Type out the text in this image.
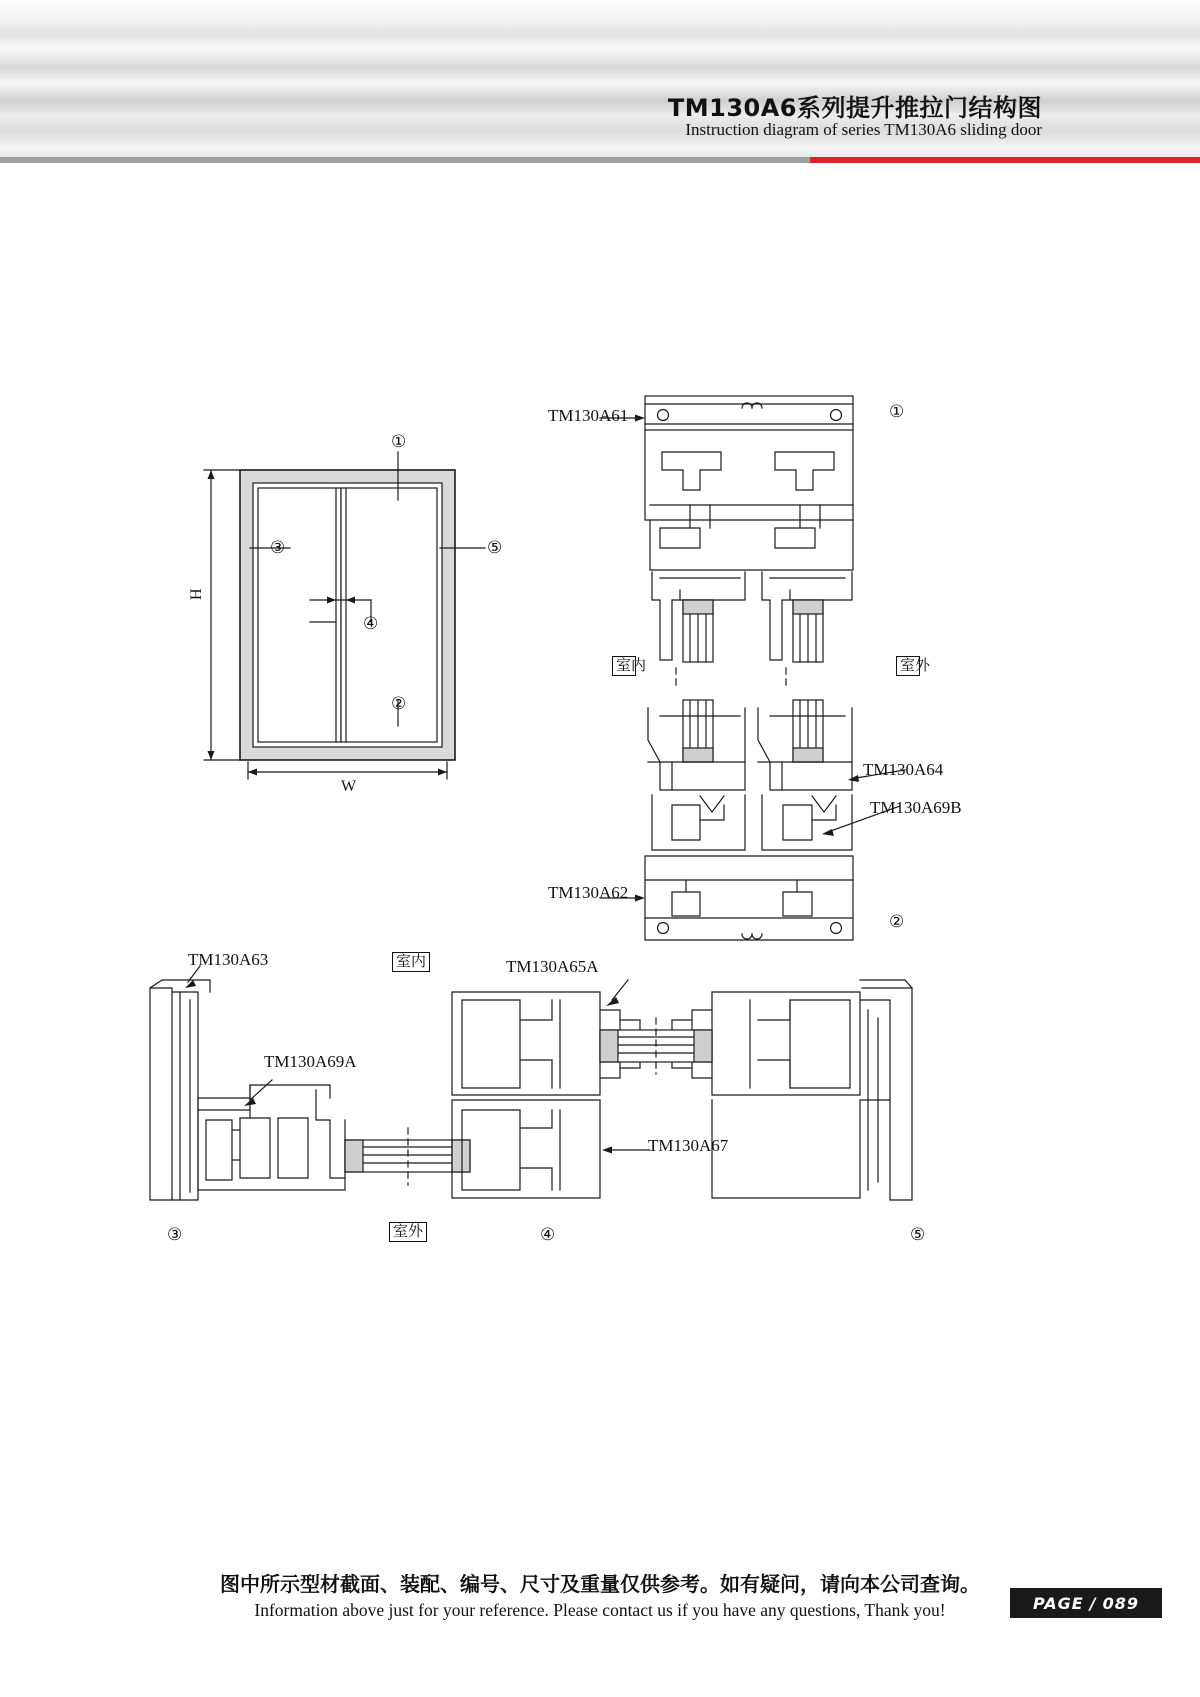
TM130A6系列提升推拉门结构图
Instruction diagram of series TM130A6 sliding door
H
W
①
②
③
④
⑤
①
②
③	④	⑤
TM130A61
TM130A64
TM130A69B
TM130A62
TM130A63
TM130A69A
TM130A65A
TM130A67
室内	室外
室内
室外
图中所示型材截面、装配、编号、尺寸及重量仅供参考。如有疑问，请向本公司查询。
Information above just for your reference. Please contact us if you have any questions, Thank you!	PAGE / 089
